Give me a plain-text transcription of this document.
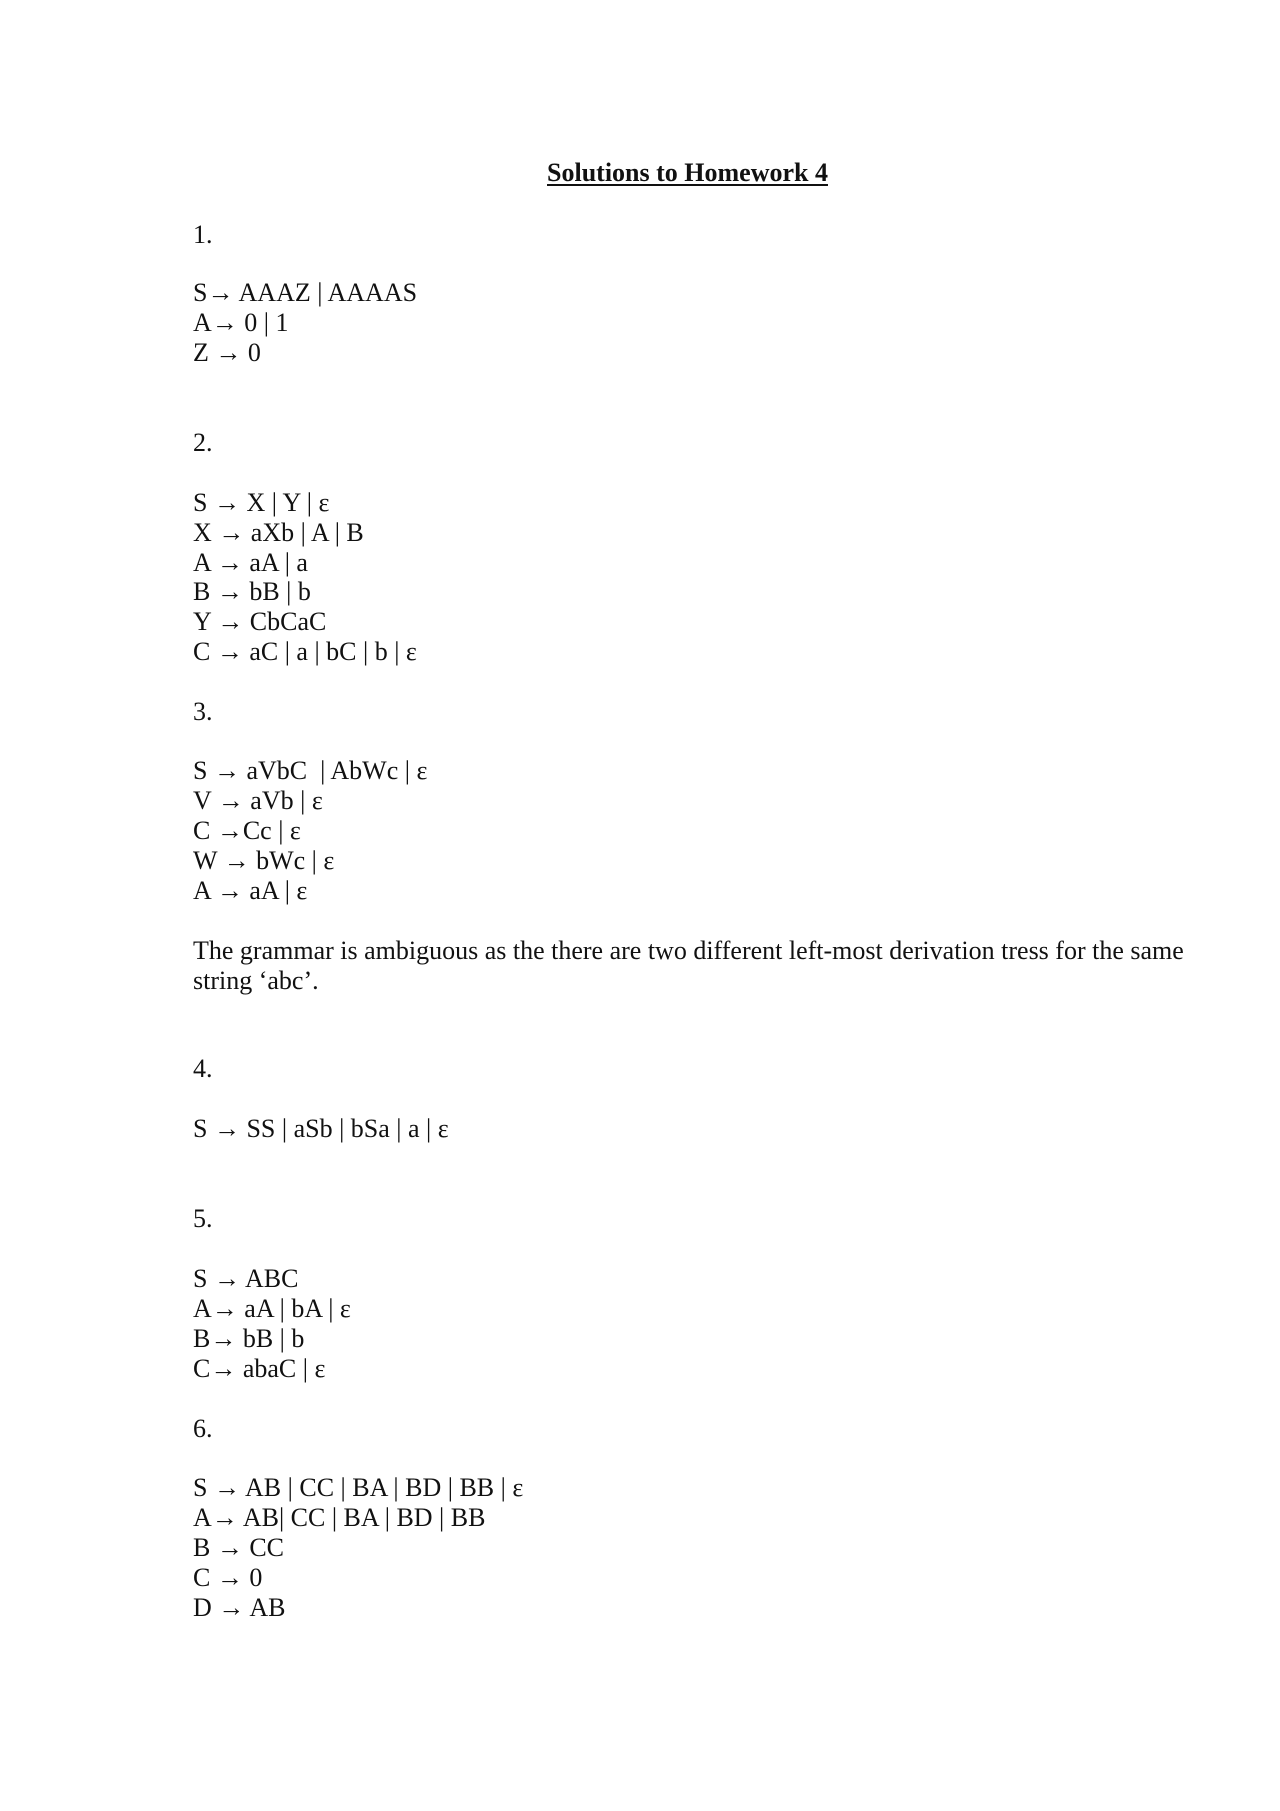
Solutions to Homework 4
1.
S→ AAAZ | AAAAS
A→ 0 | 1
Z → 0
2.
S → X | Y | ε
X → aXb | A | B
A → aA | a
B → bB | b
Y → CbCaC
C → aC | a | bC | b | ε
3.
S → aVbC  | AbWc | ε
V → aVb | ε
C →Cc | ε
W → bWc | ε
A → aA | ε
The grammar is ambiguous as the there are two different left-most derivation tress for the same string ‘abc’.
4.
S → SS | aSb | bSa | a | ε
5.
S → ABC
A→ aA | bA | ε
B→ bB | b
C→ abaC | ε
6.
S → AB | CC | BA | BD | BB | ε
A→ AB| CC | BA | BD | BB
B → CC
C → 0
D → AB
